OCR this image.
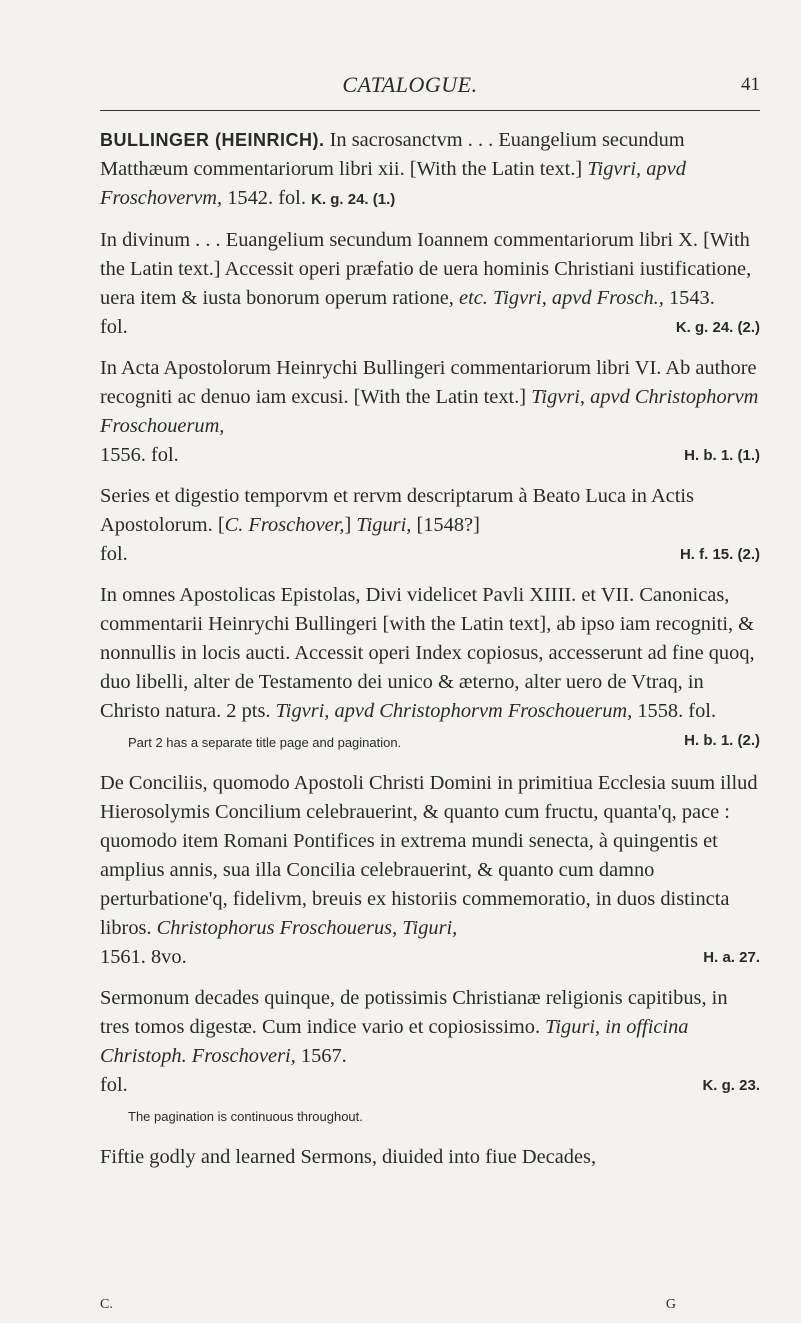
CATALOGUE.	41
BULLINGER (HEINRICH). In sacrosanctvm . . . Euangelium secundum Matthæum commentariorum libri xii. [With the Latin text.] Tigvri, apvd Froschovervm, 1542. fol. K. g. 24. (1.)
In divinum . . . Euangelium secundum Ioannem commentariorum libri X. [With the Latin text.] Accessit operi præfatio de uera hominis Christiani iustificatione, uera item & iusta bonorum operum ratione, etc. Tigvri, apvd Frosch., 1543.
fol.	K. g. 24. (2.)
In Acta Apostolorum Heinrychi Bullingeri commentariorum libri VI. Ab authore recogniti ac denuo iam excusi. [With the Latin text.] Tigvri, apvd Christophorvm Froschouerum,
1556. fol.	H. b. 1. (1.)
Series et digestio temporvm et rervm descriptarum à Beato Luca in Actis Apostolorum. [C. Froschover,] Tiguri, [1548?]
fol.	H. f. 15. (2.)
In omnes Apostolicas Epistolas, Divi videlicet Pavli XIIII. et VII. Canonicas, commentarii Heinrychi Bullingeri [with the Latin text], ab ipso iam recogniti, & nonnullis in locis aucti. Accessit operi Index copiosus, accesserunt ad fine quoq, duo libelli, alter de Testamento dei unico & æterno, alter uero de Vtraq, in Christo natura. 2 pts. Tigvri, apvd Christophorvm Froschouerum, 1558. fol.
H. b. 1. (2.)
Part 2 has a separate title page and pagination.
De Conciliis, quomodo Apostoli Christi Domini in primitiua Ecclesia suum illud Hierosolymis Concilium celebrauerint, & quanto cum fructu, quanta'q, pace : quomodo item Romani Pontifices in extrema mundi senecta, à quingentis et amplius annis, sua illa Concilia celebrauerint, & quanto cum damno perturbatione'q, fidelivm, breuis ex historiis commemoratio, in duos distincta libros. Christophorus Froschouerus, Tiguri,
1561. 8vo.	H. a. 27.
Sermonum decades quinque, de potissimis Christianæ religionis capitibus, in tres tomos digestæ. Cum indice vario et copiosissimo. Tiguri, in officina Christoph. Froschoveri, 1567.
fol.	K. g. 23.
The pagination is continuous throughout.
Fiftie godly and learned Sermons, diuided into fiue Decades,
C.	G
